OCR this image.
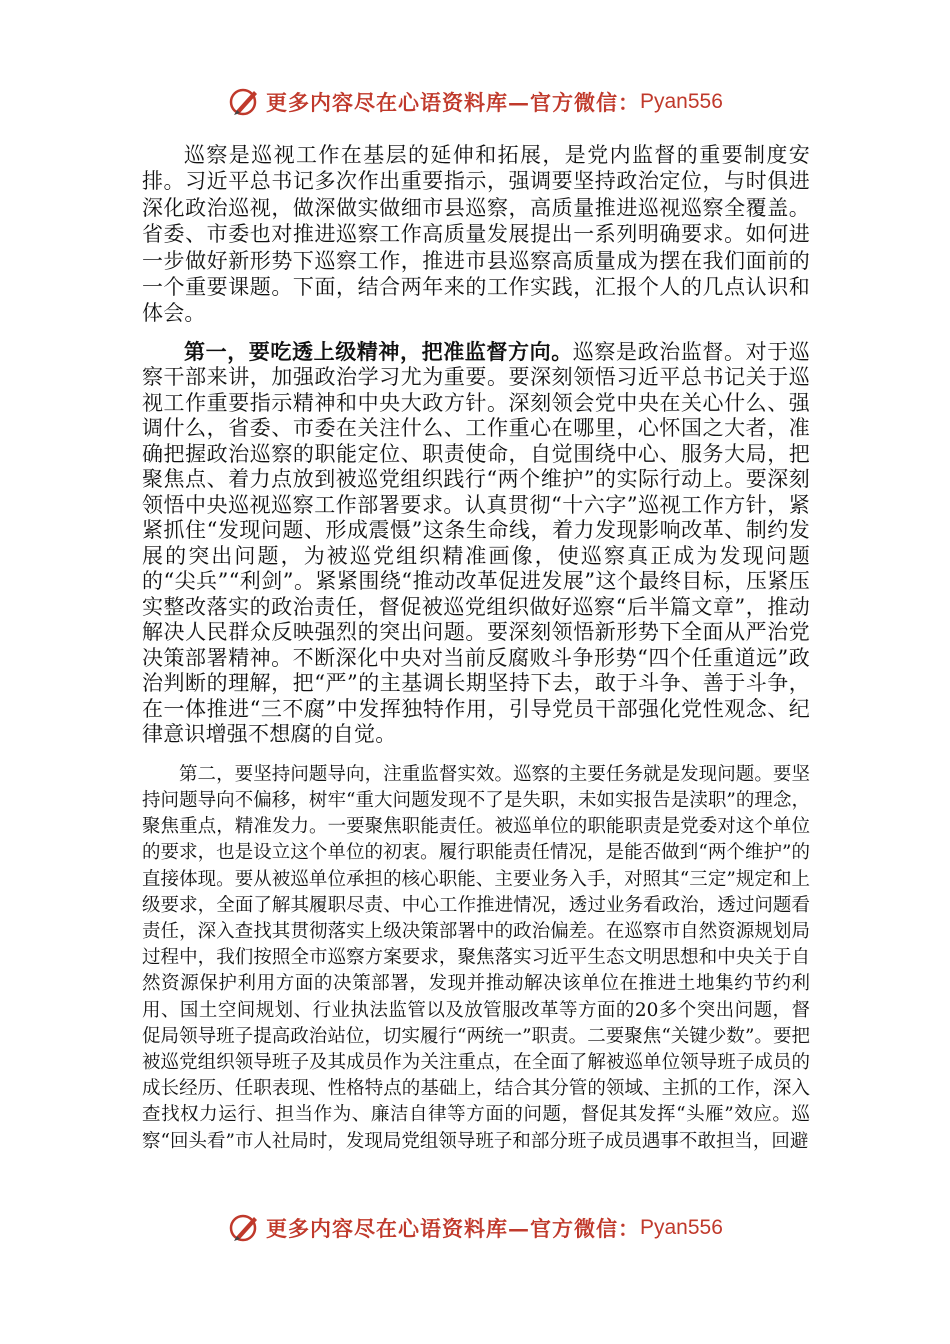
更多内容尽在心语资料库—官方微信： Pyan556

巡察是巡视工作在基层的延伸和拓展，是党内监督的重要制度安排。习近平总书记多次作出重要指示，强调要坚持政治定位，与时俱进深化政治巡视，做深做实做细市县巡察，高质量推进巡视巡察全覆盖。省委、市委也对推进巡察工作高质量发展提出一系列明确要求。如何进一步做好新形势下巡察工作，推进市县巡察高质量成为摆在我们面前的一个重要课题。下面，结合两年来的工作实践，汇报个人的几点认识和体会。

第一，要吃透上级精神，把准监督方向。巡察是政治监督。对于巡察干部来讲，加强政治学习尤为重要。要深刻领悟习近平总书记关于巡视工作重要指示精神和中央大政方针。深刻领会党中央在关心什么、强调什么，省委、市委在关注什么、工作重心在哪里，心怀国之大者，准确把握政治巡察的职能定位、职责使命，自觉围绕中心、服务大局，把聚焦点、着力点放到被巡党组织践行“两个维护”的实际行动上。要深刻领悟中央巡视巡察工作部署要求。认真贯彻“十六字”巡视工作方针，紧紧抓住“发现问题、形成震慑”这条生命线，着力发现影响改革、制约发展的突出问题，为被巡党组织精准画像，使巡察真正成为发现问题的“尖兵”“利剑”。紧紧围绕“推动改革促进发展”这个最终目标，压紧压实整改落实的政治责任，督促被巡党组织做好巡察“后半篇文章”，推动解决人民群众反映强烈的突出问题。要深刻领悟新形势下全面从严治党决策部署精神。不断深化中央对当前反腐败斗争形势“四个任重道远”政治判断的理解，把“严”的主基调长期坚持下去，敢于斗争、善于斗争，在一体推进“三不腐”中发挥独特作用，引导党员干部强化党性观念、纪律意识增强不想腐的自觉。

第二，要坚持问题导向，注重监督实效。巡察的主要任务就是发现问题。要坚持问题导向不偏移，树牢“重大问题发现不了是失职，未如实报告是渎职”的理念，聚焦重点，精准发力。一要聚焦职能责任。被巡单位的职能职责是党委对这个单位的要求，也是设立这个单位的初衷。履行职能责任情况，是能否做到“两个维护”的直接体现。要从被巡单位承担的核心职能、主要业务入手，对照其“三定”规定和上级要求，全面了解其履职尽责、中心工作推进情况，透过业务看政治，透过问题看责任，深入查找其贯彻落实上级决策部署中的政治偏差。在巡察市自然资源规划局过程中，我们按照全市巡察方案要求，聚焦落实习近平生态文明思想和中央关于自然资源保护利用方面的决策部署，发现并推动解决该单位在推进土地集约节约利用、国土空间规划、行业执法监管以及放管服改革等方面的20多个突出问题，督促局领导班子提高政治站位，切实履行“两统一”职责。二要聚焦“关键少数”。要把被巡党组织领导班子及其成员作为关注重点，在全面了解被巡单位领导班子成员的成长经历、任职表现、性格特点的基础上，结合其分管的领域、主抓的工作，深入查找权力运行、担当作为、廉洁自律等方面的问题，督促其发挥“头雁”效应。巡察“回头看”市人社局时，发现局党组领导班子和部分班子成员遇事不敢担当，回避

更多内容尽在心语资料库—官方微信： Pyan556
